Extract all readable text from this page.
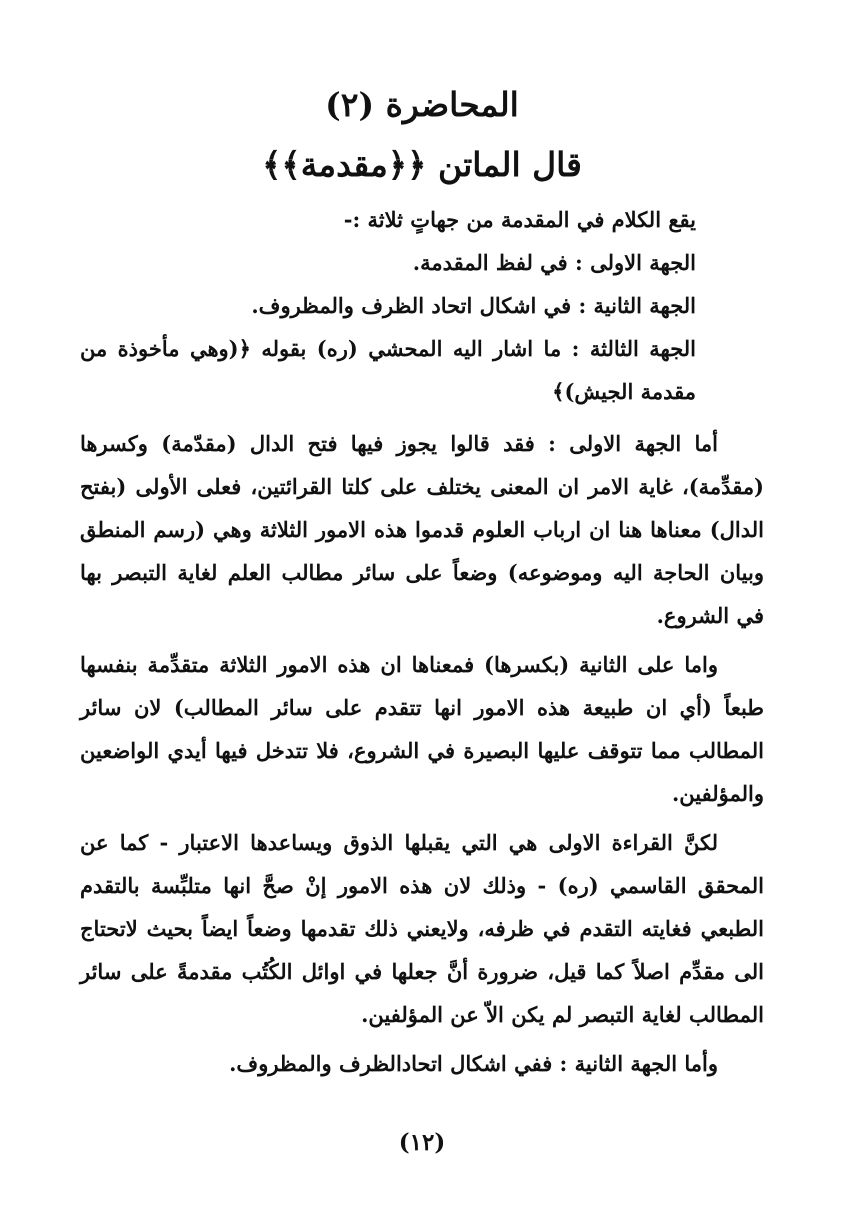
المحاضرة (٢)
قال الماتن ﴿﴿مقدمة﴾﴾

يقع الكلام في المقدمة من جهاتٍ ثلاثة :-

الجهة الاولى : في لفظ المقدمة.

الجهة الثانية : في اشكال اتحاد الظرف والمظروف.

الجهة الثالثة : ما اشار اليه المحشي (ره) بقوله ﴿(وهي مأخوذة من مقدمة الجيش)﴾

أما الجهة الاولى : فقد قالوا يجوز فيها فتح الدال (مقدّمة) وكسرها (مقدِّمة)، غاية الامر ان المعنى يختلف على كلتا القرائتين، فعلى الأولى (بفتح الدال) معناها هنا ان ارباب العلوم قدموا هذه الامور الثلاثة وهي (رسم المنطق وبيان الحاجة اليه وموضوعه) وضعاً على سائر مطالب العلم لغاية التبصر بها في الشروع.

واما على الثانية (بكسرها) فمعناها ان هذه الامور الثلاثة متقدِّمة بنفسها طبعاً (أي ان طبيعة هذه الامور انها تتقدم على سائر المطالب) لان سائر المطالب مما تتوقف عليها البصيرة في الشروع، فلا تتدخل فيها أيدي الواضعين والمؤلفين.

لكنَّ القراءة الاولى هي التي يقبلها الذوق ويساعدها الاعتبار - كما عن المحقق القاسمي (ره) - وذلك لان هذه الامور إنْ صحَّ انها متلبِّسة بالتقدم الطبعي فغايته التقدم في ظرفه، ولايعني ذلك تقدمها وضعاً ايضاً بحيث لاتحتاج الى مقدِّم اصلاً كما قيل، ضرورة أنَّ جعلها في اوائل الكُتُب مقدمةً على سائر المطالب لغاية التبصر لم يكن الاّ عن المؤلفين.

وأما الجهة الثانية : ففي اشكال اتحادالظرف والمظروف.

(١٢)
